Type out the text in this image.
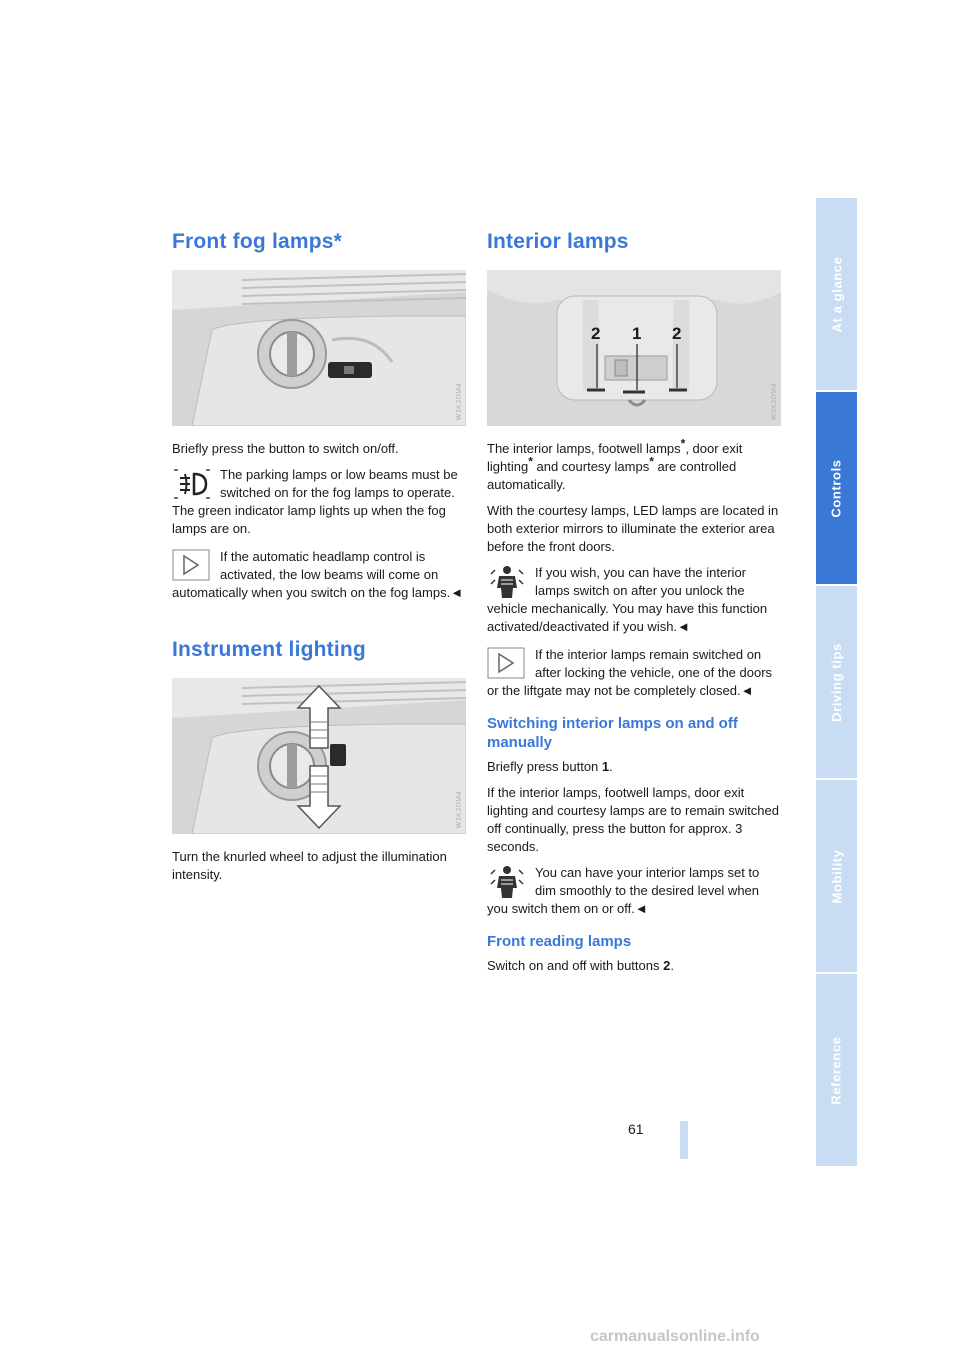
Front fog lamps*
W3K2DM4

Briefly press the button to switch on/off.

The parking lamps or low beams must be switched on for the fog lamps to operate. The green indicator lamp lights up when the fog lamps are on.
If the automatic headlamp control is activated, the low beams will come on automatically when you switch on the fog lamps.◄
Instrument lighting
W3K2DM4

Turn the knurled wheel to adjust the illumination intensity.

Interior lamps
2 1 2
W3K2DM4

The interior lamps, footwell lamps*, door exit lighting* and courtesy lamps* are controlled automatically.

With the courtesy lamps, LED lamps are located in both exterior mirrors to illuminate the exterior area before the front doors.

If you wish, you can have the interior lamps switch on after you unlock the vehicle mechanically. You may have this function activated/deactivated if you wish.◄
If the interior lamps remain switched on after locking the vehicle, one of the doors or the liftgate may not be completely closed.◄
Switching interior lamps on and off manually

Briefly press button 1.

If the interior lamps, footwell lamps, door exit lighting and courtesy lamps are to remain switched off continually, press the button for approx. 3 seconds.

You can have your interior lamps set to dim smoothly to the desired level when you switch them on or off.◄
Front reading lamps

Switch on and off with buttons 2.

At a glance
Controls
Driving tips
Mobility
Reference
61
carmanualsonline.info
